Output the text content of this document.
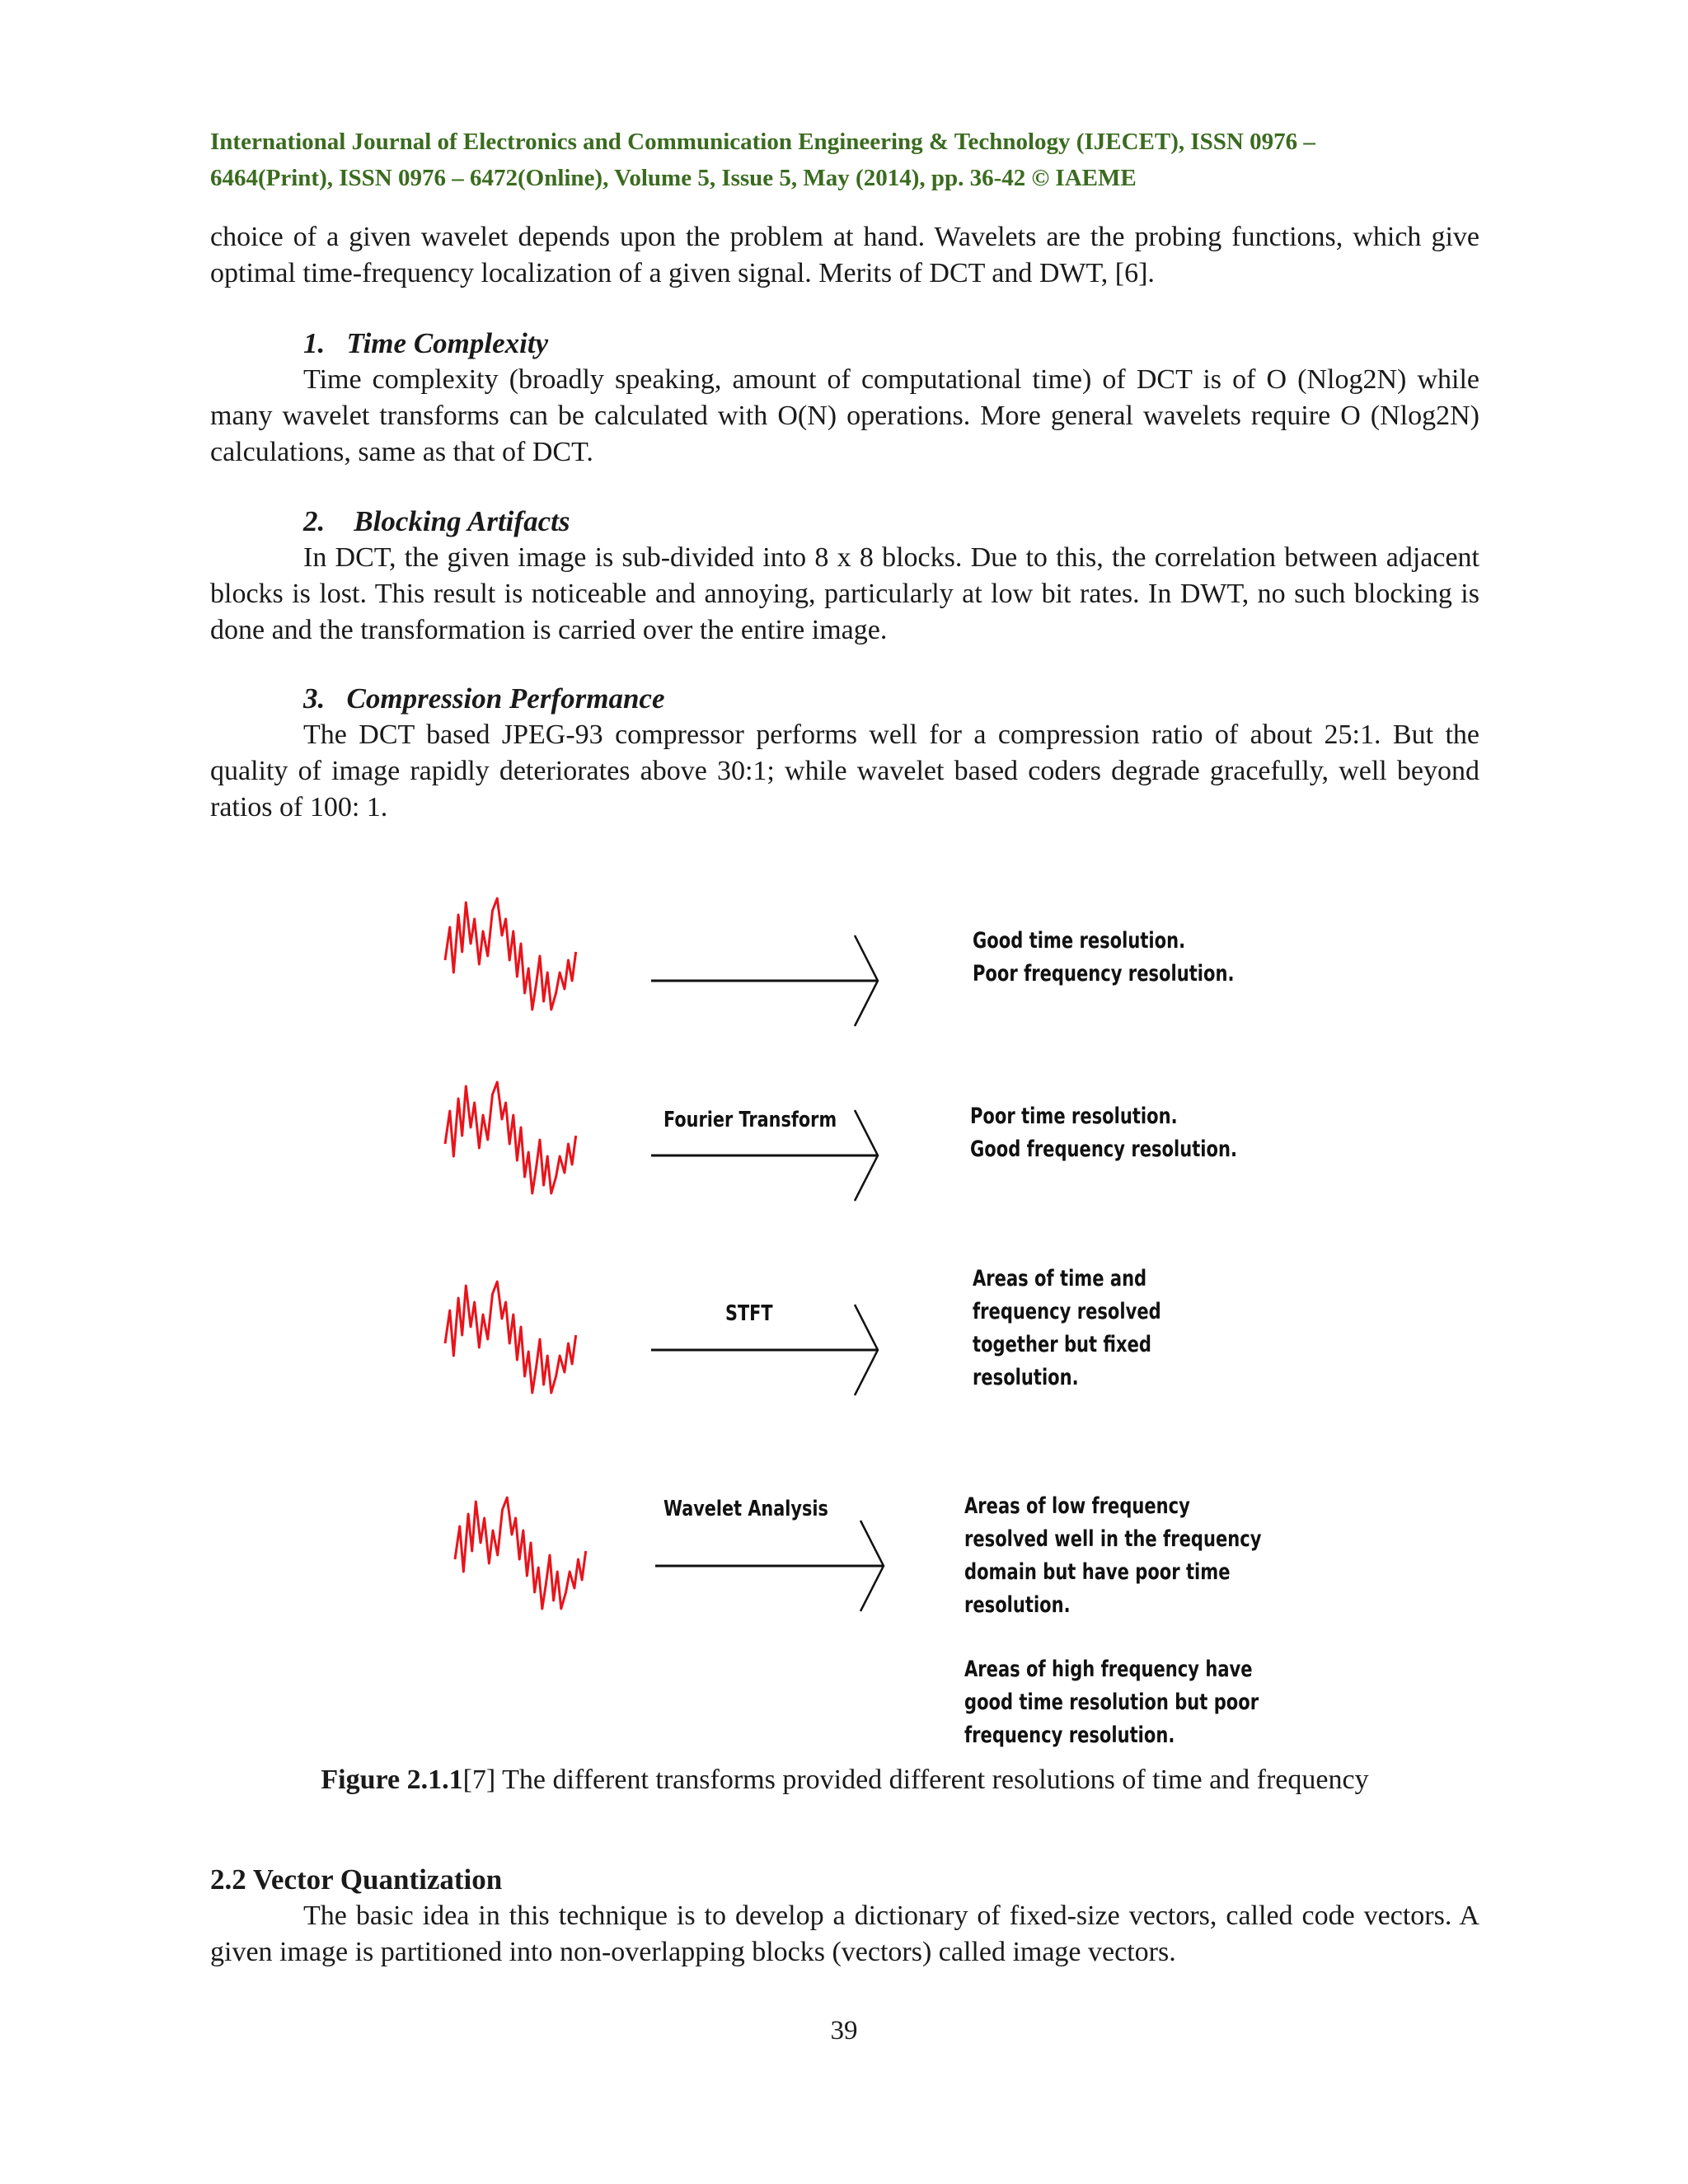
International Journal of Electronics and Communication Engineering & Technology (IJECET), ISSN 0976 –
6464(Print), ISSN 0976 – 6472(Online), Volume 5, Issue 5, May (2014), pp. 36-42 © IAEME

choice of a given wavelet depends upon the problem at hand. Wavelets are the probing functions, which give optimal time-frequency localization of a given signal. Merits of DCT and DWT, [6].

1.   Time Complexity

Time complexity (broadly speaking, amount of computational time) of DCT is of O (Nlog2N) while many wavelet transforms can be calculated with O(N) operations. More general wavelets require O (Nlog2N) calculations, same as that of DCT.

2.    Blocking Artifacts

In DCT, the given image is sub-divided into 8 x 8 blocks. Due to this, the correlation between adjacent blocks is lost. This result is noticeable and annoying, particularly at low bit rates. In DWT, no such blocking is done and the transformation is carried over the entire image.

3.   Compression Performance

The DCT based JPEG-93 compressor performs well for a compression ratio of about 25:1. But the quality of image rapidly deteriorates above 30:1; while wavelet based coders degrade gracefully, well beyond ratios of 100: 1.

Fourier Transform
STFT
Wavelet Analysis
Good time resolution.
Poor frequency resolution.
Poor time resolution.
Good frequency resolution.
Areas of time and
frequency resolved
together but fixed
resolution.
Areas of low frequency
resolved well in the frequency
domain but have poor time
resolution.
Areas of high frequency have
good time resolution but poor
frequency resolution.
Figure 2.1.1[7] The different transforms provided different resolutions of time and frequency
2.2 Vector Quantization

The basic idea in this technique is to develop a dictionary of fixed-size vectors, called code vectors. A given image is partitioned into non-overlapping blocks (vectors) called image vectors.

39
